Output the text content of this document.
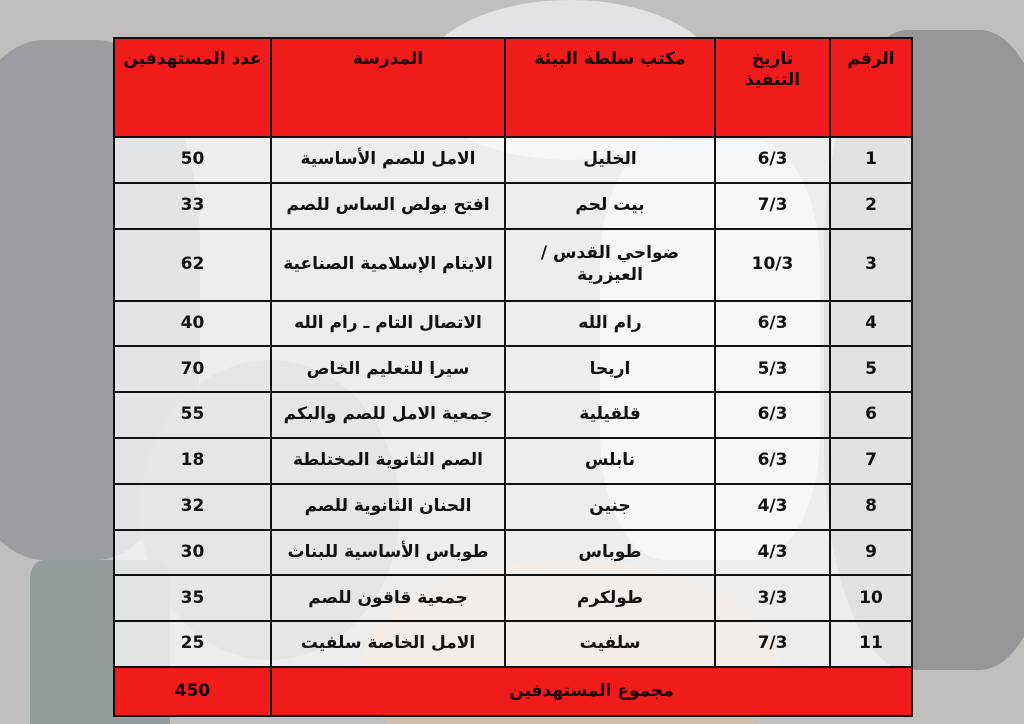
الرقم	تاريخ التنفيذ	مكتب سلطة البيئة	المدرسة	عدد المستهدفين
1	6/3	الخليل	الامل للصم الأساسية	50
2	7/3	بيت لحم	افتح بولص الساس للصم	33
3	10/3	ضواحي القدس / العيزرية	الايتام الإسلامية الصناعية	62
4	6/3	رام الله	الاتصال التام ـ رام الله	40
5	5/3	اريحا	سيرا للتعليم الخاص	70
6	6/3	قلقيلية	جمعية الامل للصم والبكم	55
7	6/3	نابلس	الصم الثانوية المختلطة	18
8	4/3	جنين	الحنان الثانوية للصم	32
9	4/3	طوباس	طوباس الأساسية للبنات	30
10	3/3	طولكرم	جمعية قاقون للصم	35
11	7/3	سلفيت	الامل الخاصة سلفيت	25
مجموع المستهدفين				450
